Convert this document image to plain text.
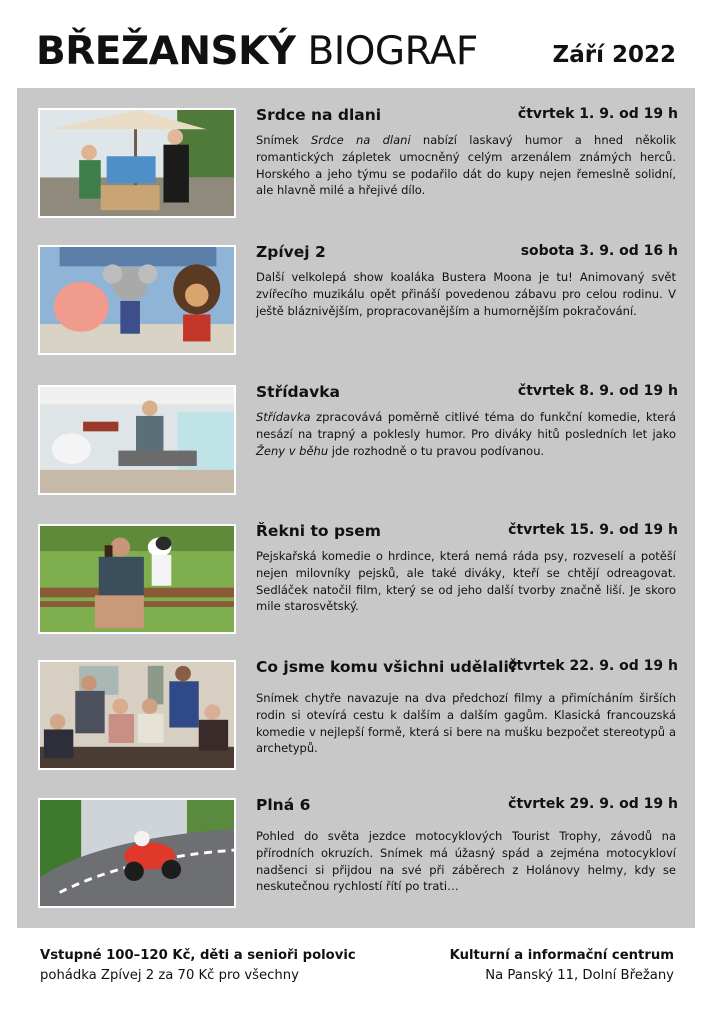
BŘEŽANSKÝ BIOGRAF	Září 2022
Srdce na dlani	čtvrtek 1. 9. od 19 h

Snímek Srdce na dlani nabízí laskavý humor a hned několik romantických zápletek umocněný celým arzenálem známých herců. Horského a jeho týmu se podařilo dát do kupy nejen řemeslně solidní, ale hlavně milé a hřejivé dílo.

Zpívej 2	sobota 3. 9. od 16 h

Další velkolepá show koaláka Bustera Moona je tu! Animovaný svět zvířecího muzikálu opět přináší povedenou zábavu pro celou rodinu. V ještě bláznivějším, propracovanějším a humornějším pokračování.

Střídavka	čtvrtek 8. 9. od 19 h

Střídavka zpracovává poměrně citlivé téma do funkční komedie, která nesází na trapný a poklesly humor. Pro diváky hitů posledních let jako Ženy v běhu jde rozhodně o tu pravou podívanou.

Řekni to psem	čtvrtek 15. 9. od 19 h

Pejskařská komedie o hrdince, která nemá ráda psy, rozveselí a potěší nejen milovníky pejsků, ale také diváky, kteří se chtějí odreagovat. Sedláček natočil film, který se od jeho další tvorby značně liší. Je skoro mile starosvětský.

Co jsme komu všichni udělali?
čtvrtek 22. 9. od 19 h

Snímek chytře navazuje na dva předchozí filmy a přimícháním širších rodin si otevírá cestu k dalším a dalším gagům. Klasická francouzská komedie v nejlepší formě, která si bere na mušku bezpočet stereotypů a archetypů.

Plná 6	čtvrtek 29. 9. od 19 h

Pohled do světa jezdce motocyklových Tourist Trophy, závodů na přírodních okruzích. Snímek má úžasný spád a zejména motocykloví nadšenci si přijdou na své při záběrech z Holánovy helmy, kdy se neskutečnou rychlostí řítí po trati…

Vstupné 100–120 Kč, děti a senioři polovic
pohádka Zpívej 2 za 70 Kč pro všechny
Kulturní a informační centrum
Na Panský 11, Dolní Břežany
